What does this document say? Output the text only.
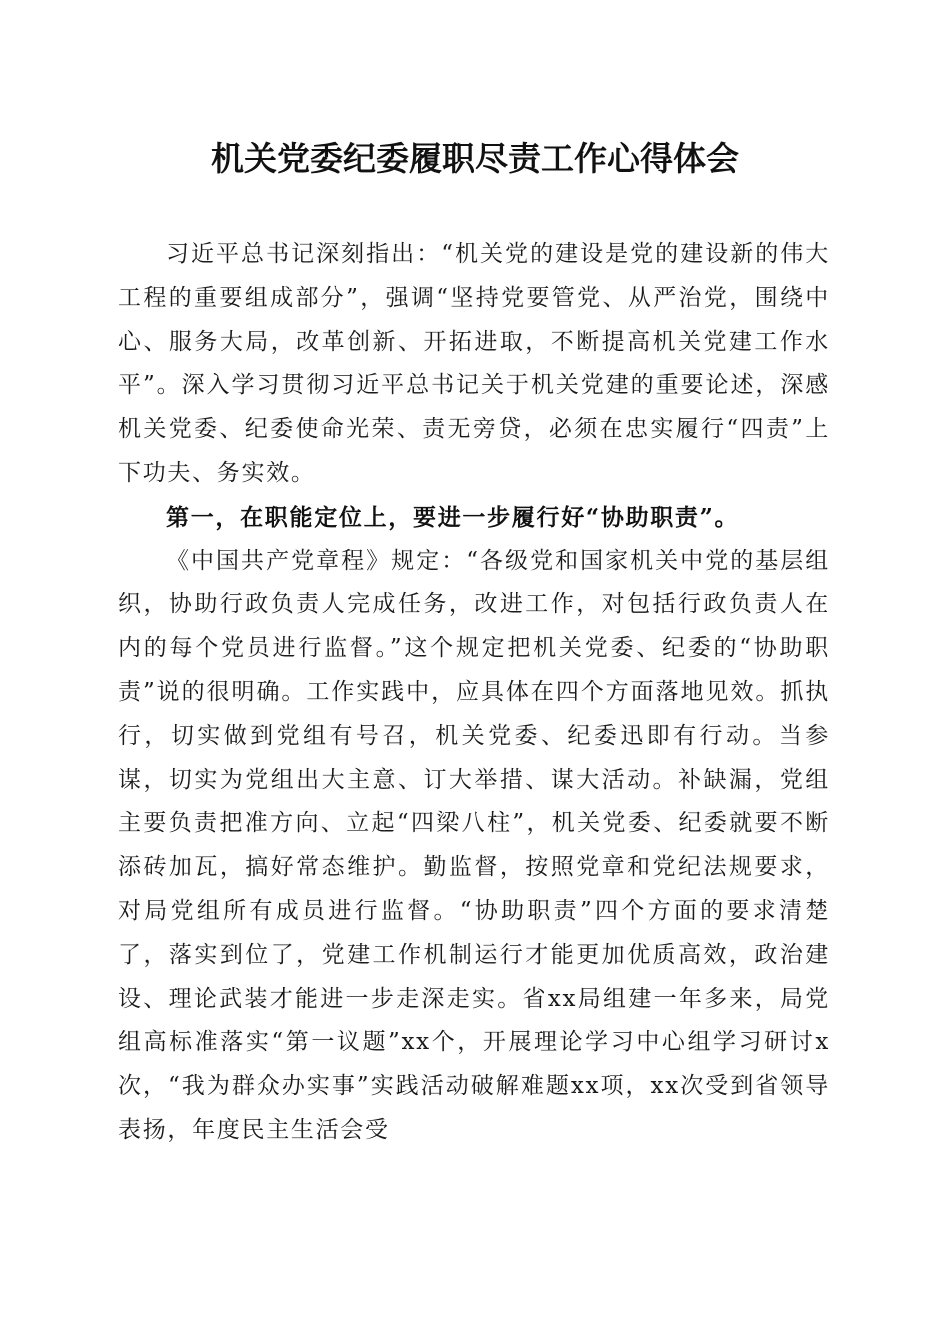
机关党委纪委履职尽责工作心得体会

习近平总书记深刻指出：“机关党的建设是党的建设新的伟大工程的重要组成部分”，强调“坚持党要管党、从严治党，围绕中心、服务大局，改革创新、开拓进取，不断提高机关党建工作水平”。深入学习贯彻习近平总书记关于机关党建的重要论述，深感机关党委、纪委使命光荣、责无旁贷，必须在忠实履行“四责”上下功夫、务实效。

第一，在职能定位上，要进一步履行好“协助职责”。

《中国共产党章程》规定：“各级党和国家机关中党的基层组织，协助行政负责人完成任务，改进工作，对包括行政负责人在内的每个党员进行监督。”这个规定把机关党委、纪委的“协助职责”说的很明确。工作实践中，应具体在四个方面落地见效。抓执行，切实做到党组有号召，机关党委、纪委迅即有行动。当参谋，切实为党组出大主意、订大举措、谋大活动。补缺漏，党组主要负责把准方向、立起“四梁八柱”，机关党委、纪委就要不断添砖加瓦，搞好常态维护。勤监督，按照党章和党纪法规要求，对局党组所有成员进行监督。“协助职责”四个方面的要求清楚了，落实到位了，党建工作机制运行才能更加优质高效，政治建设、理论武装才能进一步走深走实。省xx局组建一年多来，局党组高标准落实“第一议题”xx个，开展理论学习中心组学习研讨x次，“我为群众办实事”实践活动破解难题xx项，xx次受到省领导表扬，年度民主生活会受
